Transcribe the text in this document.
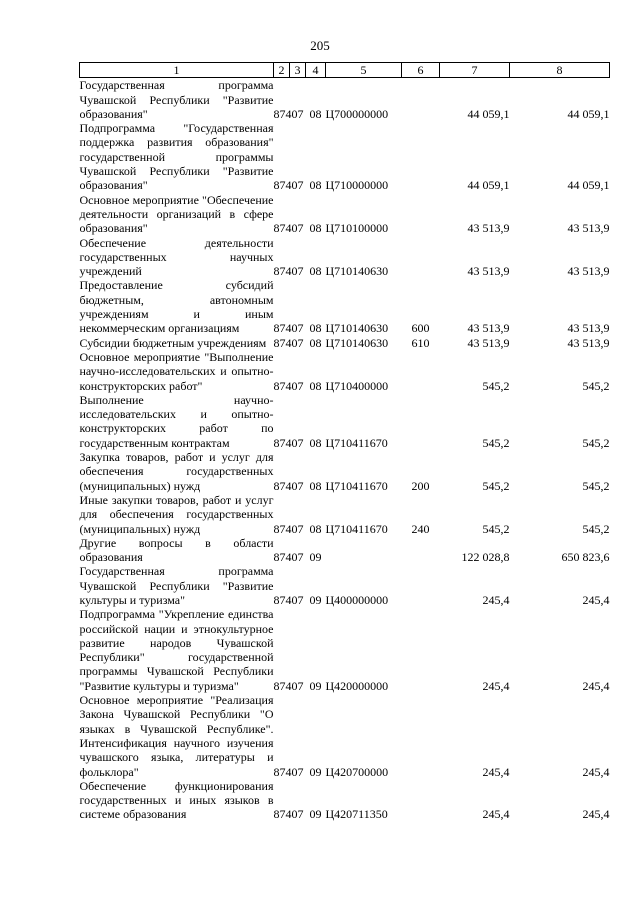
205
1	2	3	4	5	6	7	8
Государственная программа Чувашской Республики "Развитие образования"	874	07	08	Ц700000000		44 059,1	44 059,1
Подпрограмма "Государственная поддержка развития образования" государственной программы Чувашской Республики "Развитие образования"	874	07	08	Ц710000000		44 059,1	44 059,1
Основное мероприятие "Обеспечение деятельности организаций в сфере образования"	874	07	08	Ц710100000		43 513,9	43 513,9
Обеспечение деятельности государственных научных учреждений	874	07	08	Ц710140630		43 513,9	43 513,9
Предоставление субсидий бюджетным, автономным учреждениям и иным некоммерческим организациям	874	07	08	Ц710140630	600	43 513,9	43 513,9
Субсидии бюджетным учреждениям	874	07	08	Ц710140630	610	43 513,9	43 513,9
Основное мероприятие "Выполнение научно-исследовательских и опытно-конструкторских работ"	874	07	08	Ц710400000		545,2	545,2
Выполнение научно-исследовательских и опытно-конструкторских работ по государственным контрактам	874	07	08	Ц710411670		545,2	545,2
Закупка товаров, работ и услуг для обеспечения государственных (муниципальных) нужд	874	07	08	Ц710411670	200	545,2	545,2
Иные закупки товаров, работ и услуг для обеспечения государственных (муниципальных) нужд	874	07	08	Ц710411670	240	545,2	545,2
Другие вопросы в области образования	874	07	09			122 028,8	650 823,6
Государственная программа Чувашской Республики "Развитие культуры и туризма"	874	07	09	Ц400000000		245,4	245,4
Подпрограмма "Укрепление единства российской нации и этнокультурное развитие народов Чувашской Республики" государственной программы Чувашской Республики "Развитие культуры и туризма"	874	07	09	Ц420000000		245,4	245,4
Основное мероприятие "Реализация Закона Чувашской Республики "О языках в Чувашской Республике". Интенсификация научного изучения чувашского языка, литературы и фольклора"	874	07	09	Ц420700000		245,4	245,4
Обеспечение функционирования государственных и иных языков в системе образования	874	07	09	Ц420711350		245,4	245,4
